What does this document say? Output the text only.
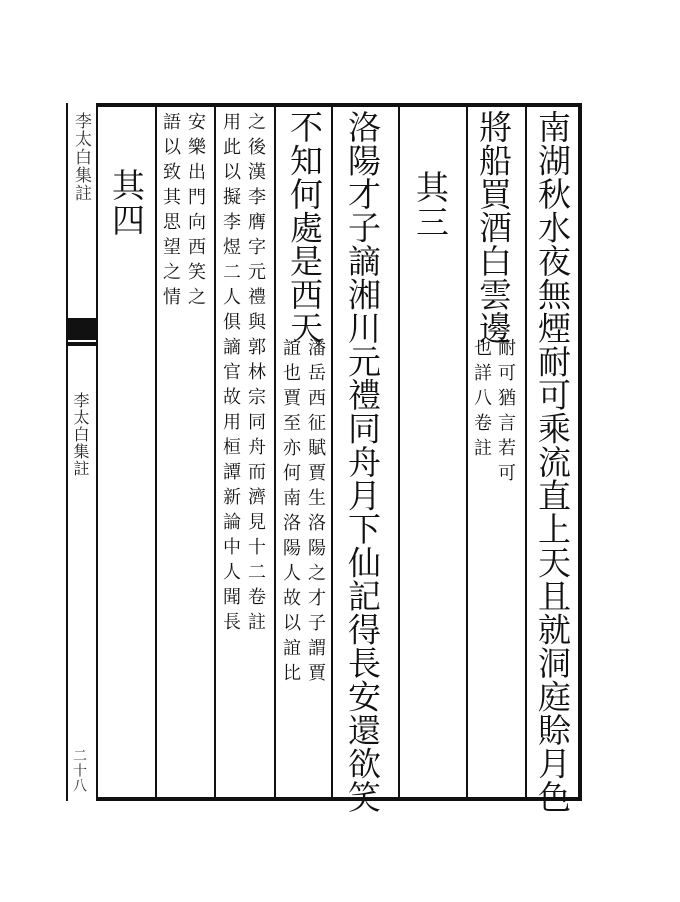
李太白集註
李太白集註
二十八	南湖秋水夜無煙耐可乘流直上天且就洞庭賒月色
將船買酒白雲邊
耐可猶言若可
也詳八卷註
其三
洛陽才子謫湘川元禮同舟月下仙記得長安還欲笑
不知何處是西天
潘岳西征賦賈生洛陽之才子謂賈
誼也賈至亦何南洛陽人故以誼比
之後漢李膺字元禮與郭林宗同舟而濟見十二卷註
用此以擬李煜二人俱謫官故用桓譚新論中人聞長
安樂出門向西笑之
語以致其思望之情
其四
